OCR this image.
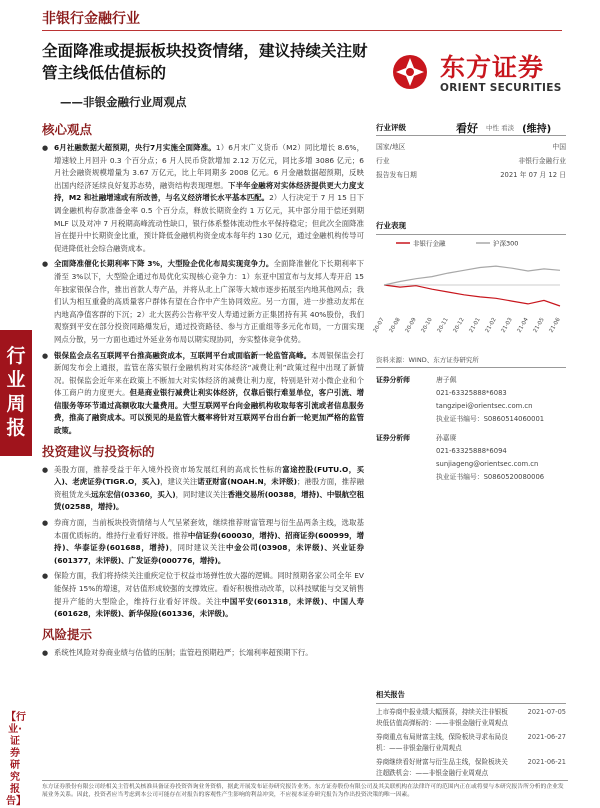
非银行金融行业
全面降准或提振板块投资情绪，建议持续关注财管主线低估值标的
——非银金融行业周观点
东方证券
ORIENT SECURITIES
行业周报
【行业·证券研究报告】
核心观点
● 6月社融数据大超预期，央行7月实施全面降准。1）6月末广义货币（M2）同比增长 8.6%，增速较上月回升 0.3 个百分点；6 月人民币贷款增加 2.12 万亿元，同比多增 3086 亿元；6 月社会融资规模增量为 3.67 万亿元，比上年同期多 2008 亿元。6 月金融数据超预期，反映出国内经济延续良好复苏态势，融资结构表现理想。下半年金融将对实体经济提供更大力度支持，M2 和社融增速或有所改善，与名义经济增长水平基本匹配。2）人行决定于 7 月 15 日下调金融机构存款准备金率 0.5 个百分点，释放长期资金约 1 万亿元，其中部分用于偿还到期 MLF 以及对冲 7 月税期高峰流动性缺口，银行体系整体流动性水平保持稳定；但此次全面降准旨在提升中长期资金比重，预计降低金融机构资金成本每年约 130 亿元，通过金融机构传导可促进降低社会综合融资成本。
● 全面降准催化长期利率下降 3%，大型险企优化布局实现竞争力。全面降准催化下长期利率下滑至 3%以下，大型险企通过布局优化实现核心竞争力：1）东亚中国宣布与友邦人寿开启 15 年独家银保合作，推出首款人寿产品，并将从北上广深等大城市逐步拓展至内地其他网点；我们认为相互重叠的高质量客户群体有望在合作中产生协同效应。另一方面，进一步推动友邦在内地高净值客群的下沉；2）北大医药公告称平安人寿通过新方正集团持有其 40%股份，我们观察到平安在部分投资同路爆发后，通过投资路径、参与方正重组等多元化布局，一方面实现网点分散，另一方面也通过外延业务布局以期实现协同，夯实整体竞争优势。
● 银保监会点名互联网平台推高融资成本，互联网平台或面临新一轮监管高峰。本周银保监会打新闻发布会上通报，监管在落实银行金融机构对实体经济“减费让利”政策过程中出现了新情况。银保监会近年来在政策上不断加大对实体经济的减费让利力度，特别是针对小微企业和个体工商户的力度更大。但是商业银行减费让利实体经济，仅靠后银行难显单位，客户引流、增信服务等环节通过高额收取大量费用。大型互联网平台向金融机构收取每客引流或者信息服务费，推高了融资成本。可以预见的是监管大概率将针对互联网平台出台新一轮更加严格的监管政策。
投资建议与投资标的
● 美股方面，推荐受益于年入境外投资市场发展红利的高成长性标的富途控股(FUTU.O，买入)、老虎证券(TIGR.O，买入)，建议关注诺亚财富(NOAH.N，未评级)；港股方面，推荐融资租赁龙头远东宏信(03360，买入)，同时建议关注香港交易所(00388，增持)、中银航空租赁(02588，增持)。
● 券商方面，当前板块投资情绪与人气呈紧套效，继续推荐财富管理与衍生品两条主线，选取基本面优质标的。维持行业看好评级。推荐中信证券(600030，增持)、招商证券(600999，增持)、华泰证券(601688，增持)，同时建议关注中金公司(03908，未评级)、兴业证券(601377，未评级)、广发证券(000776，增持)。
● 保险方面，我们将持续关注重疾定位于权益市场弹性放大器的逻辑。同时预期各家公司全年 EV 能保持 15%的增速，对估值形成较强的支撑效应。看好积极推动改革，以科技赋能与交叉销售提升产能的大型险企，维持行业看好评级。关注中国平安(601318，未评级)、中国人寿(601628，未评级)、新华保险(601336，未评级)。
风险提示
● 系统性风险对券商业绩与估值的压制；监管趋预期趋严；长端利率超预期下行。
行业评级	看好 中性 看淡 (维持)
国家/地区	中国
行业	非银行金融行业
报告发布日期	2021 年 07 月 12 日
行业表现
非银行金融	沪深300
20-07 20-08 20-09 20-10 20-11 20-12 21-01 21-02 21-03 21-04 21-05 21-06
资料来源：WIND、东方证券研究所
证券分析师	唐子佩
021-63325888*6083
tangzipei@orientsec.com.cn
执业证书编号：S0860514060001
证券分析师	孙嘉赓
021-63325888*6094
sunjiageng@orientsec.com.cn
执业证书编号：S0860520080006
相关报告
上市券商中报业绩大幅预喜，持续关注非银板块低估值高弹标的：——非银金融行业周观点
2021-07-05
券商重点布局财富主线，保险板块寻求布局良机：——非银金融行业周观点
2021-06-27
券商继续看好财富与衍生品主线，保险板块关注超跌机会：——非银金融行业周观点
2021-06-21
东方证券股份有限公司经相关主管机关核准具备证券投资咨询业务资格，据此开展发布证券研究报告业务。东方证券股份有限公司及其关联机构在法律许可的范围内正在或将要与本研究报告所分析的企业发展业务关系。因此，投资者应当考虑到本公司可能存在对报告的客观性产生影响的利益冲突，不应视本证券研究报告为作出投资决策的唯一因素。
